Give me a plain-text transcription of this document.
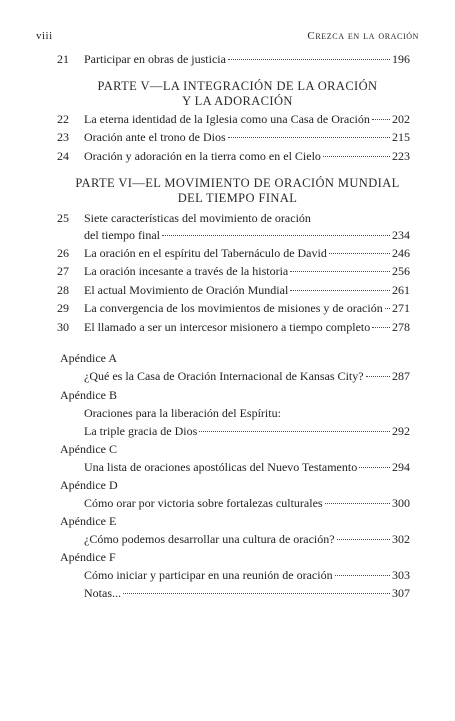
viii	Crezca en la oración
21	Participar en obras de justicia	196
PARTE V—LA INTEGRACIÓN DE LA ORACIÓN
Y LA ADORACIÓN
22	La eterna identidad de la Iglesia como una Casa de Oración 202
23	Oración ante el trono de Dios	215
24	Oración y adoración en la tierra como en el Cielo	223
PARTE VI—EL MOVIMIENTO DE ORACIÓN MUNDIAL
DEL TIEMPO FINAL
25	Siete características del movimiento de oración
del tiempo final	234
26	La oración en el espíritu del Tabernáculo de David	246
27	La oración incesante a través de la historia	256
28	El actual Movimiento de Oración Mundial	261
29	La convergencia de los movimientos de misiones y de oración 271
30	El llamado a ser un intercesor misionero a tiempo completo 278
Apéndice A
¿Qué es la Casa de Oración Internacional de Kansas City? 287
Apéndice B
Oraciones para la liberación del Espíritu:
La triple gracia de Dios	292
Apéndice C
Una lista de oraciones apostólicas del Nuevo Testamento	294
Apéndice D
Cómo orar por victoria sobre fortalezas culturales	300
Apéndice E
¿Cómo podemos desarrollar una cultura de oración?	302
Apéndice F
Cómo iniciar y participar en una reunión de oración	303
Notas...	307
